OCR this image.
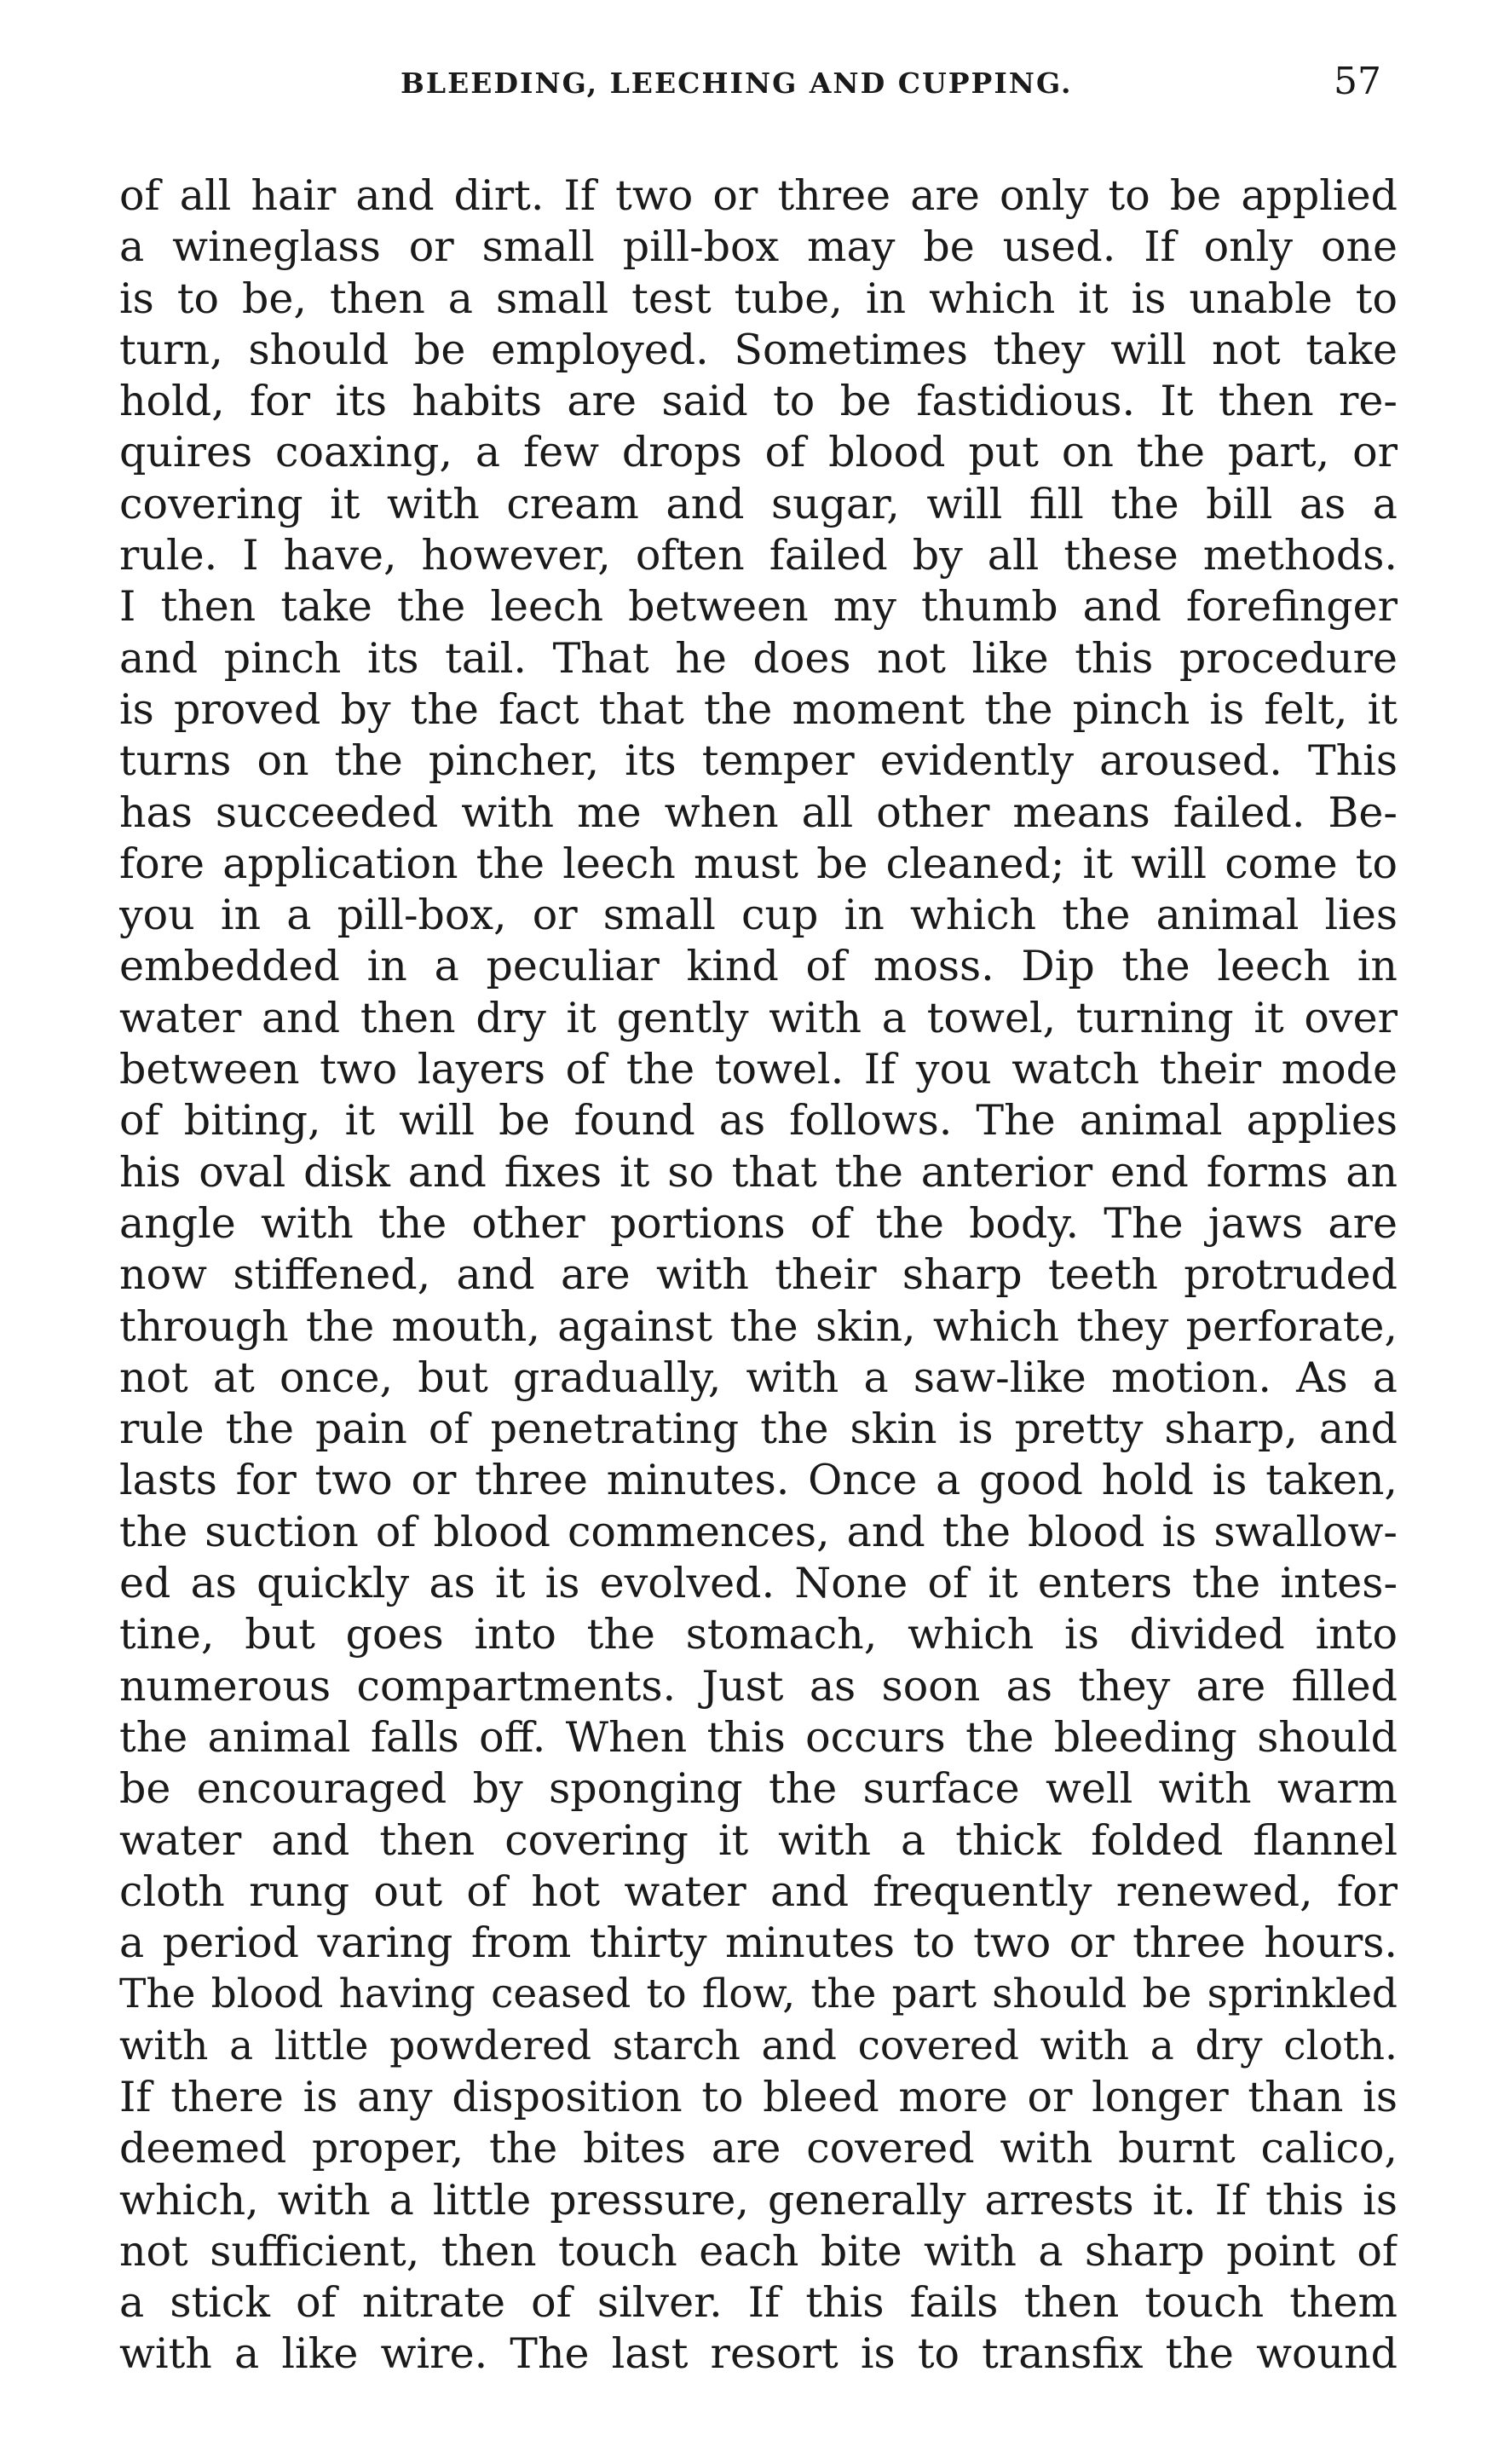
BLEEDING, LEECHING AND CUPPING.	57
of all hair and dirt. If two or three are only to be applied
a wineglass or small pill-box may be used. If only one
is to be, then a small test tube, in which it is unable to
turn, should be employed. Sometimes they will not take
hold, for its habits are said to be fastidious. It then re-
quires coaxing, a few drops of blood put on the part, or
covering it with cream and sugar, will fill the bill as a
rule. I have, however, often failed by all these methods.
I then take the leech between my thumb and forefinger
and pinch its tail. That he does not like this procedure
is proved by the fact that the moment the pinch is felt, it
turns on the pincher, its temper evidently aroused. This
has succeeded with me when all other means failed. Be-
fore application the leech must be cleaned; it will come to
you in a pill-box, or small cup in which the animal lies
embedded in a peculiar kind of moss. Dip the leech in
water and then dry it gently with a towel, turning it over
between two layers of the towel. If you watch their mode
of biting, it will be found as follows. The animal applies
his oval disk and fixes it so that the anterior end forms an
angle with the other portions of the body. The jaws are
now stiffened, and are with their sharp teeth protruded
through the mouth, against the skin, which they perforate,
not at once, but gradually, with a saw-like motion. As a
rule the pain of penetrating the skin is pretty sharp, and
lasts for two or three minutes. Once a good hold is taken,
the suction of blood commences, and the blood is swallow-
ed as quickly as it is evolved. None of it enters the intes-
tine, but goes into the stomach, which is divided into
numerous compartments. Just as soon as they are filled
the animal falls off. When this occurs the bleeding should
be encouraged by sponging the surface well with warm
water and then covering it with a thick folded flannel
cloth rung out of hot water and frequently renewed, for
a period varing from thirty minutes to two or three hours.
The blood having ceased to flow, the part should be sprinkled
with a little powdered starch and covered with a dry cloth.
If there is any disposition to bleed more or longer than is
deemed proper, the bites are covered with burnt calico,
which, with a little pressure, generally arrests it. If this is
not sufficient, then touch each bite with a sharp point of
a stick of nitrate of silver. If this fails then touch them
with a like wire. The last resort is to transfix the wound
